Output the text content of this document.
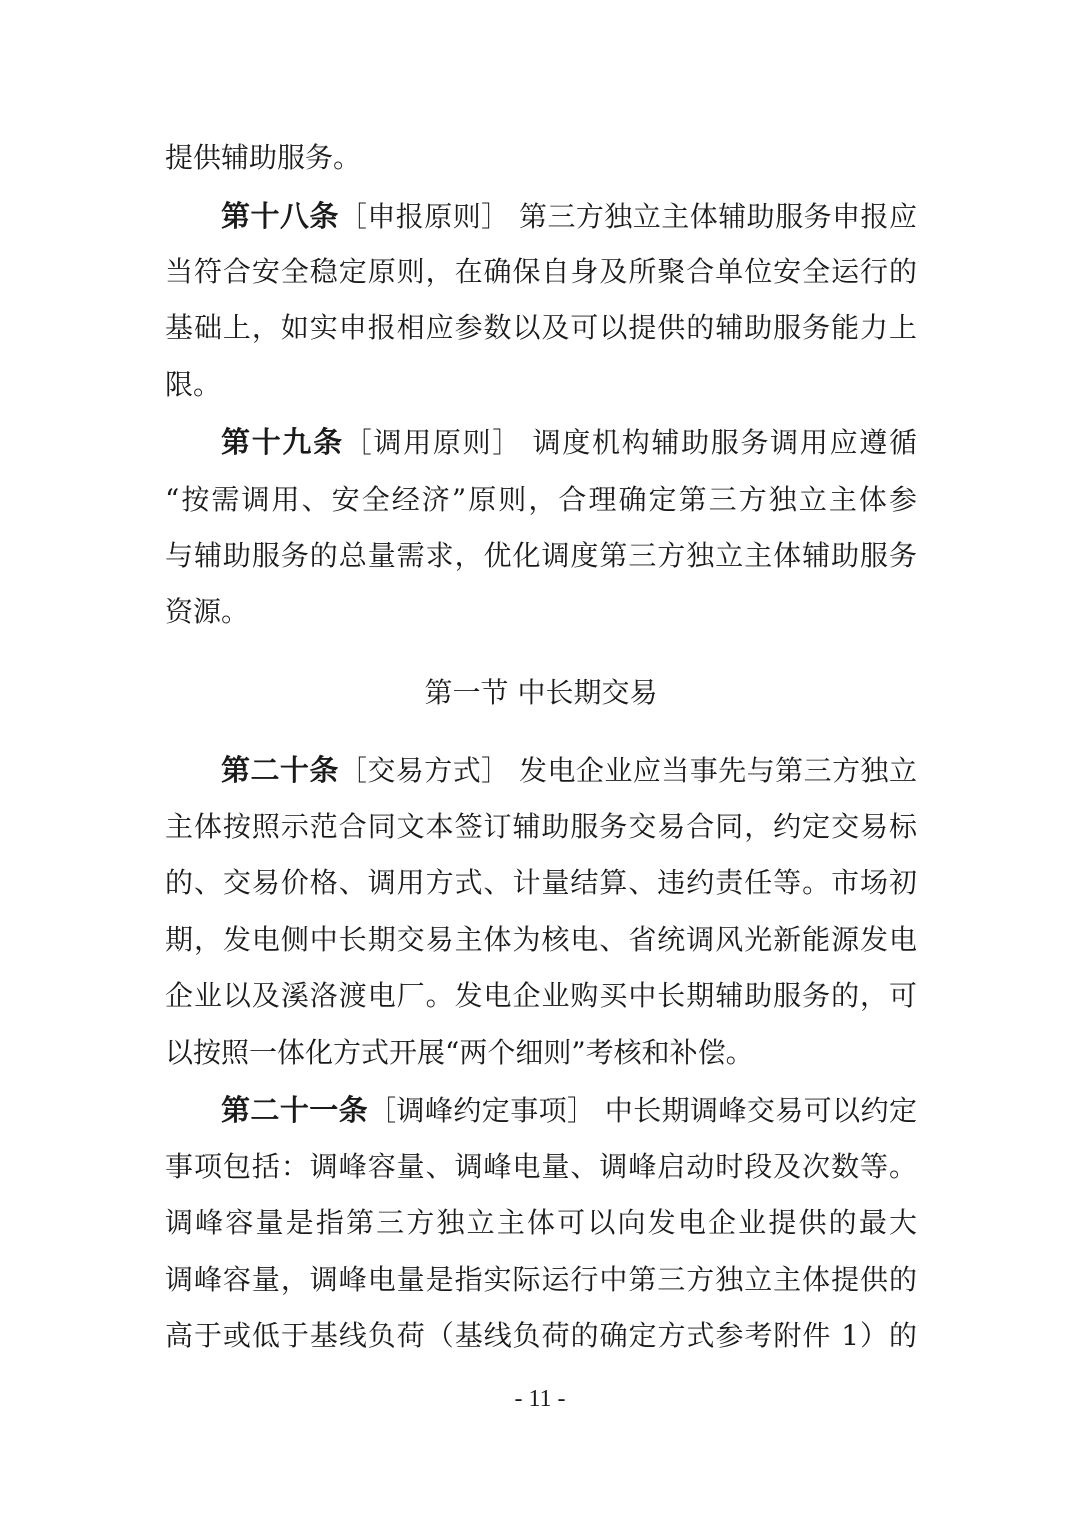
提供辅助服务。
第十八条［申报原则］ 第三方独立主体辅助服务申报应
当符合安全稳定原则，在确保自身及所聚合单位安全运行的
基础上，如实申报相应参数以及可以提供的辅助服务能力上
限。
第十九条［调用原则］ 调度机构辅助服务调用应遵循
“按需调用、安全经济”原则，合理确定第三方独立主体参
与辅助服务的总量需求，优化调度第三方独立主体辅助服务
资源。
第一节 中长期交易
第二十条［交易方式］ 发电企业应当事先与第三方独立
主体按照示范合同文本签订辅助服务交易合同，约定交易标
的、交易价格、调用方式、计量结算、违约责任等。市场初
期，发电侧中长期交易主体为核电、省统调风光新能源发电
企业以及溪洛渡电厂。发电企业购买中长期辅助服务的，可
以按照一体化方式开展“两个细则”考核和补偿。
第二十一条［调峰约定事项］ 中长期调峰交易可以约定
事项包括：调峰容量、调峰电量、调峰启动时段及次数等。
调峰容量是指第三方独立主体可以向发电企业提供的最大
调峰容量，调峰电量是指实际运行中第三方独立主体提供的
高于或低于基线负荷（基线负荷的确定方式参考附件 1）的
- 11 -
